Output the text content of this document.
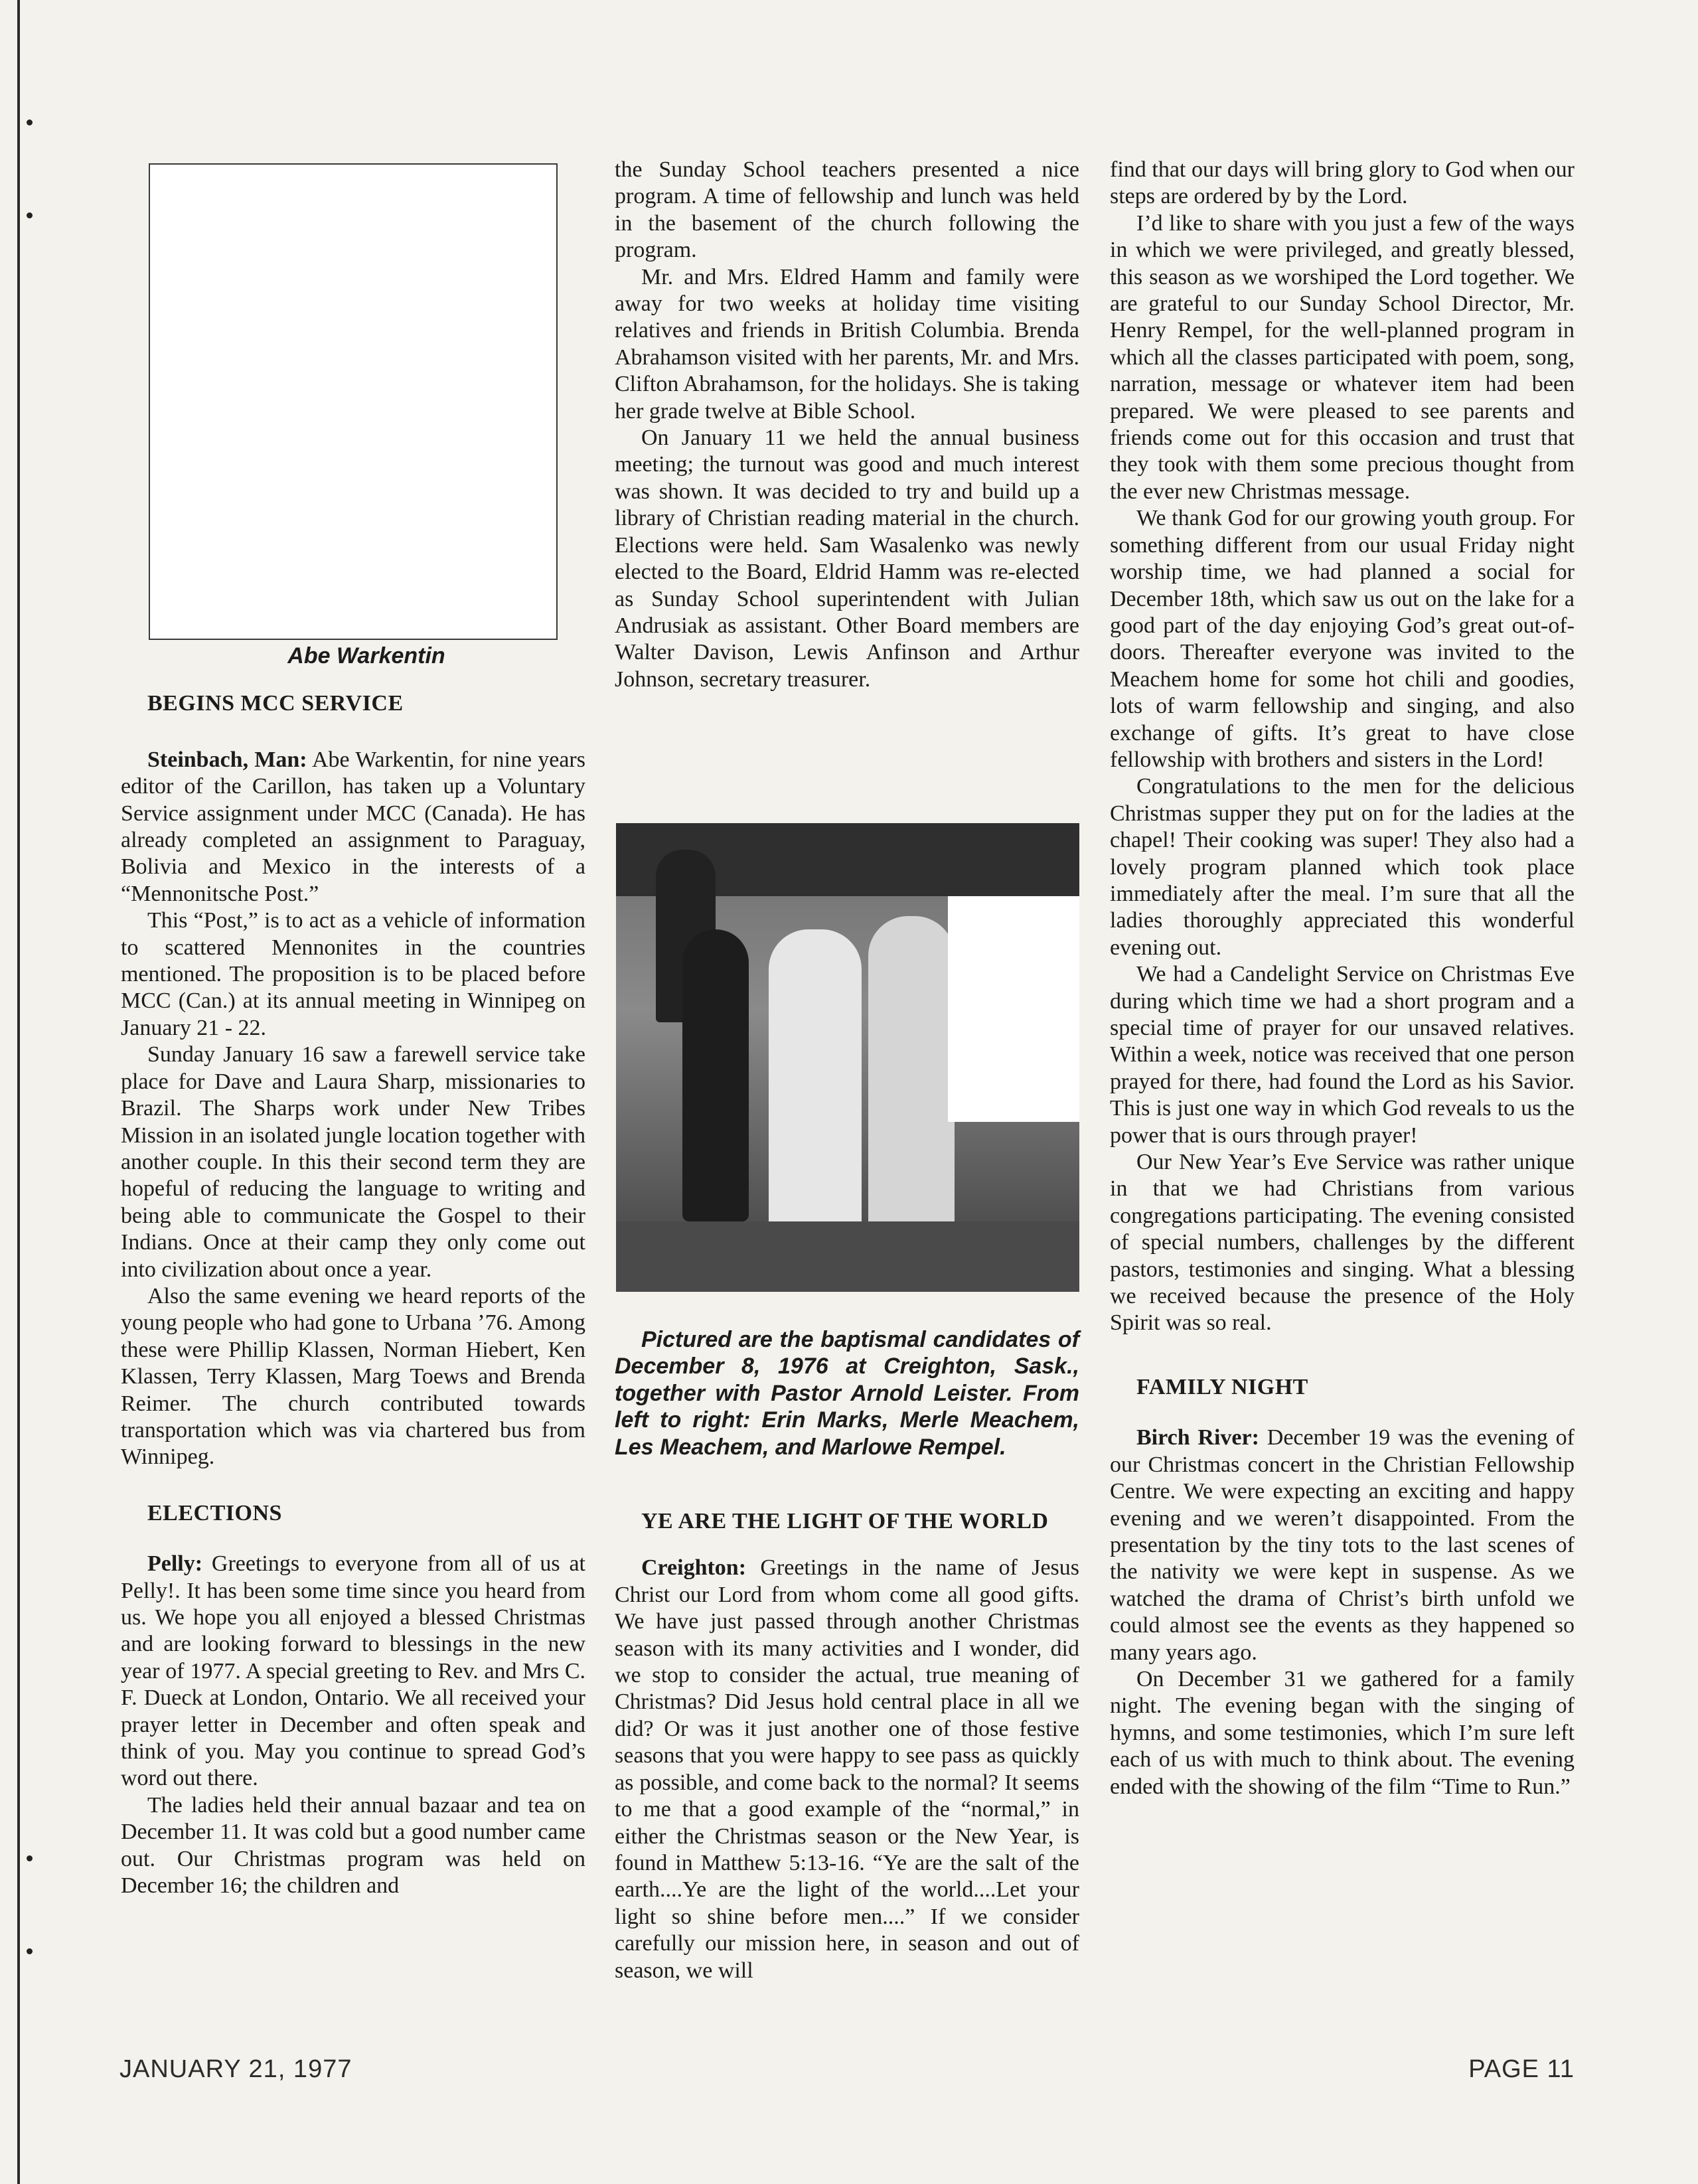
Abe Warkentin

BEGINS MCC SERVICE

Steinbach, Man: Abe Warkentin, for nine years editor of the Carillon, has taken up a Voluntary Service assignment under MCC (Canada). He has already completed an assignment to Paraguay, Bolivia and Mexico in the interests of a “Mennonitsche Post.”

This “Post,” is to act as a vehicle of information to scattered Mennonites in the countries mentioned. The proposition is to be placed before MCC (Can.) at its annual meeting in Winnipeg on January 21 - 22.

Sunday January 16 saw a farewell service take place for Dave and Laura Sharp, missionaries to Brazil. The Sharps work under New Tribes Mission in an isolated jungle location together with another couple. In this their second term they are hopeful of reducing the language to writing and being able to communicate the Gospel to their Indians. Once at their camp they only come out into civilization about once a year.

Also the same evening we heard reports of the young people who had gone to Urbana ’76. Among these were Phillip Klassen, Norman Hiebert, Ken Klassen, Terry Klassen, Marg Toews and Brenda Reimer. The church contributed towards transportation which was via chartered bus from Winnipeg.

ELECTIONS

Pelly: Greetings to everyone from all of us at Pelly!. It has been some time since you heard from us. We hope you all enjoyed a blessed Christmas and are looking forward to blessings in the new year of 1977. A special greeting to Rev. and Mrs C. F. Dueck at London, Ontario. We all received your prayer letter in December and often speak and think of you. May you continue to spread God’s word out there.

The ladies held their annual bazaar and tea on December 11. It was cold but a good number came out. Our Christmas program was held on December 16; the children and

the Sunday School teachers presented a nice program. A time of fellowship and lunch was held in the basement of the church following the program.

Mr. and Mrs. Eldred Hamm and family were away for two weeks at holiday time visiting relatives and friends in British Columbia. Brenda Abrahamson visited with her parents, Mr. and Mrs. Clifton Abrahamson, for the holidays. She is taking her grade twelve at Bible School.

On January 11 we held the annual business meeting; the turnout was good and much interest was shown. It was decided to try and build up a library of Christian reading material in the church. Elections were held. Sam Wasalenko was newly elected to the Board, Eldrid Hamm was re-elected as Sunday School superintendent with Julian Andrusiak as assistant. Other Board members are Walter Davison, Lewis Anfinson and Arthur Johnson, secretary treasurer.

Pictured are the baptismal candidates of December 8, 1976 at Creighton, Sask., together with Pastor Arnold Leister. From left to right: Erin Marks, Merle Meachem, Les Meachem, and Marlowe Rempel.

YE ARE THE LIGHT OF THE WORLD

Creighton: Greetings in the name of Jesus Christ our Lord from whom come all good gifts. We have just passed through another Christmas season with its many activities and I wonder, did we stop to consider the actual, true meaning of Christmas? Did Jesus hold central place in all we did? Or was it just another one of those festive seasons that you were happy to see pass as quickly as possible, and come back to the normal? It seems to me that a good example of the “normal,” in either the Christmas season or the New Year, is found in Matthew 5:13-16. “Ye are the salt of the earth....Ye are the light of the world....Let your light so shine before men....” If we consider carefully our mission here, in season and out of season, we will

find that our days will bring glory to God when our steps are ordered by by the Lord.

I’d like to share with you just a few of the ways in which we were privileged, and greatly blessed, this season as we worshiped the Lord together. We are grateful to our Sunday School Director, Mr. Henry Rempel, for the well-planned program in which all the classes participated with poem, song, narration, message or whatever item had been prepared. We were pleased to see parents and friends come out for this occasion and trust that they took with them some precious thought from the ever new Christmas message.

We thank God for our growing youth group. For something different from our usual Friday night worship time, we had planned a social for December 18th, which saw us out on the lake for a good part of the day enjoying God’s great out-of-doors. Thereafter everyone was invited to the Meachem home for some hot chili and goodies, lots of warm fellowship and singing, and also exchange of gifts. It’s great to have close fellowship with brothers and sisters in the Lord!

Congratulations to the men for the delicious Christmas supper they put on for the ladies at the chapel! Their cooking was super! They also had a lovely program planned which took place immediately after the meal. I’m sure that all the ladies thoroughly appreciated this wonderful evening out.

We had a Candelight Service on Christmas Eve during which time we had a short program and a special time of prayer for our unsaved relatives. Within a week, notice was received that one person prayed for there, had found the Lord as his Savior. This is just one way in which God reveals to us the power that is ours through prayer!

Our New Year’s Eve Service was rather unique in that we had Christians from various congregations participating. The evening consisted of special numbers, challenges by the different pastors, testimonies and singing. What a blessing we received because the presence of the Holy Spirit was so real.

FAMILY NIGHT

Birch River: December 19 was the evening of our Christmas concert in the Christian Fellowship Centre. We were expecting an exciting and happy evening and we weren’t disappointed. From the presentation by the tiny tots to the last scenes of the nativity we were kept in suspense. As we watched the drama of Christ’s birth unfold we could almost see the events as they happened so many years ago.

On December 31 we gathered for a family night. The evening began with the singing of hymns, and some testimonies, which I’m sure left each of us with much to think about. The evening ended with the showing of the film “Time to Run.”

JANUARY 21, 1977	PAGE 11
